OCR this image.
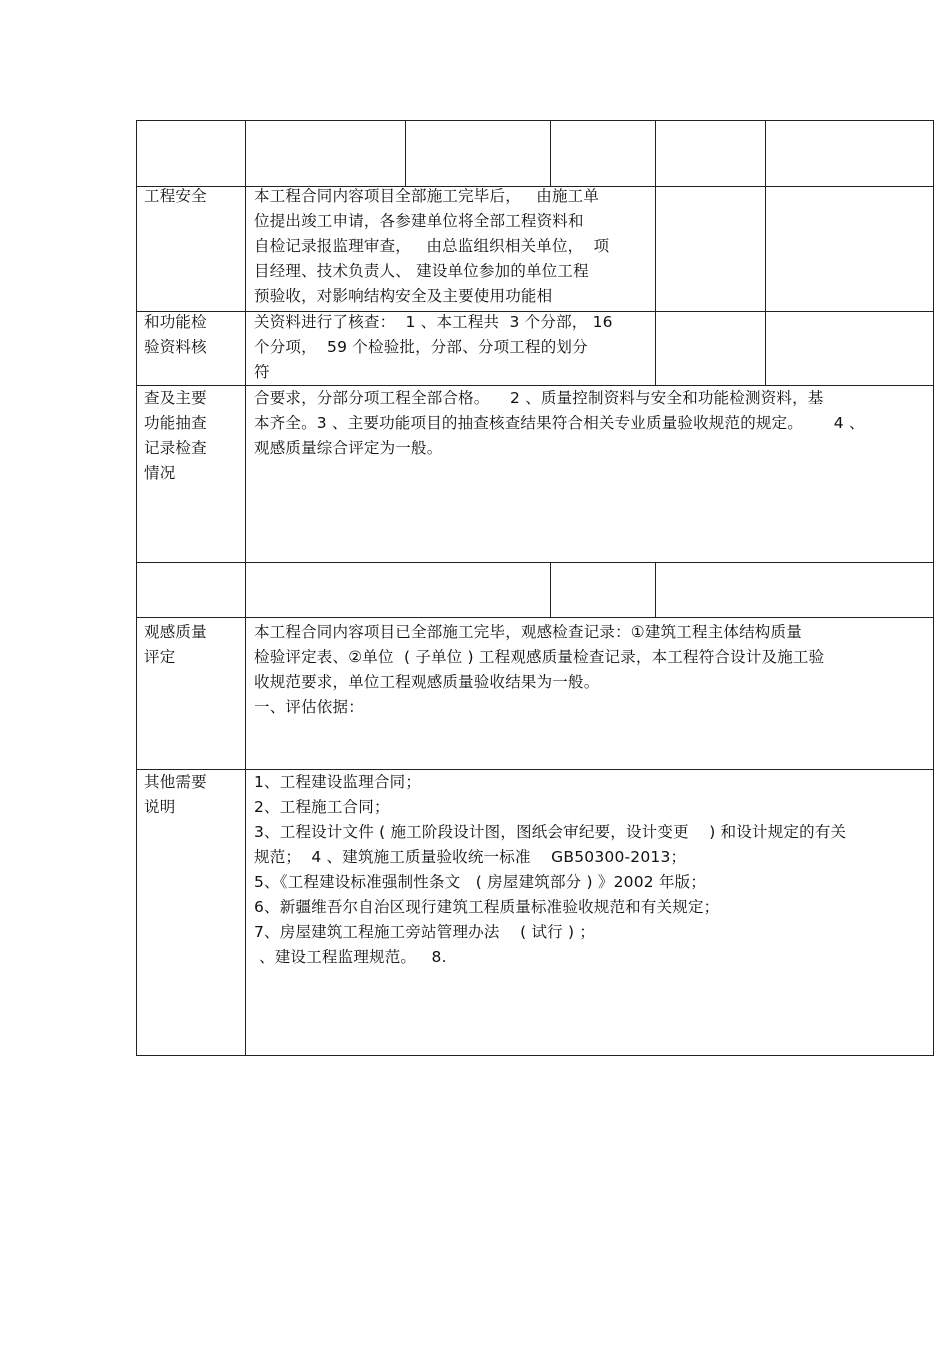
工程安全	本工程合同内容项目全部施工完毕后，   由施工单
位提出竣工申请，各参建单位将全部工程资料和
自检记录报监理审查，   由总监组织相关单位，  项
目经理、技术负责人、 建设单位参加的单位工程
预验收，对影响结构安全及主要使用功能相
和功能检
验资料核
关资料进行了核查：  1 、本工程共  3 个分部， 16
个分项，  59 个检验批，分部、分项工程的划分
符
查及主要
功能抽查
记录检查
情况
合要求，分部分项工程全部合格。    2 、质量控制资料与安全和功能检测资料，基
本齐全。3 、主要功能项目的抽查核查结果符合相关专业质量验收规范的规定。      4 、
观感质量综合评定为一般。
观感质量
评定
本工程合同内容项目已全部施工完毕，观感检查记录：①建筑工程主体结构质量
检验评定表、②单位  ( 子单位 ) 工程观感质量检查记录，本工程符合设计及施工验
收规范要求，单位工程观感质量验收结果为一般。
一、评估依据：
其他需要
说明
1、工程建设监理合同；
2、工程施工合同；
3、工程设计文件 ( 施工阶段设计图，图纸会审纪要，设计变更    ) 和设计规定的有关
规范；  4 、建筑施工质量验收统一标准    GB50300-2013；
5、《工程建设标准强制性条文   ( 房屋建筑部分 ) 》2002 年版；
6、新疆维吾尔自治区现行建筑工程质量标准验收规范和有关规定；
7、房屋建筑工程施工旁站管理办法    ( 试行 ) ；
、建设工程监理规范。   8.
